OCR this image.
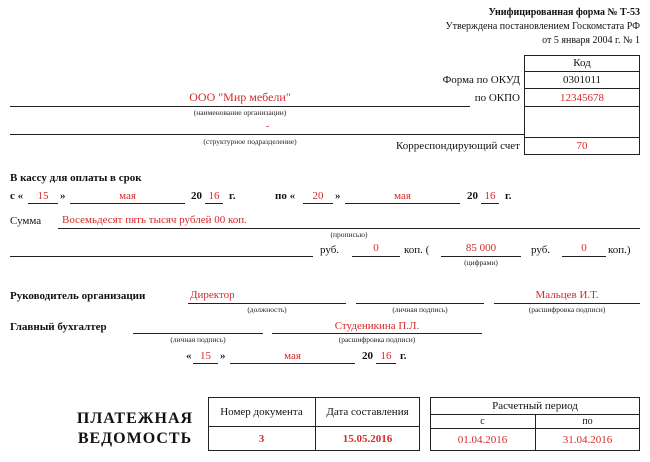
Унифицированная форма № Т-53
Утверждена постановлением Госкомстата РФ
от 5 января 2004 г. № 1
Код
Форма по ОКУД	0301011
по ОКПО	12345678
Корреспондирующий счет	70
ООО "Мир мебели"
(наименование организации)
-
(структурное подразделение)
В кассу для оплаты в срок
с «	15	»	мая	20 16 г.	по «	20	»	мая	20 16 г.
Сумма Восемьдесят пять тысяч рублей 00 коп.
(прописью)
руб.	0	коп. (	85 000
(цифрами)
руб.	0	коп.)
Руководитель организации	Директор
(должность)	(личная подпись)
Мальцев И.Т.
(расшифровка подписи)
Главный бухгалтер
(личная подпись)
Студеникина П.Л.
(расшифровка подписи)
« 15 »	мая	20 16 г.
ПЛАТЕЖНАЯ
ВЕДОМОСТЬ
Номер документа	Дата составления
3	15.05.2016
Расчетный период
с	по
01.04.2016	31.04.2016
